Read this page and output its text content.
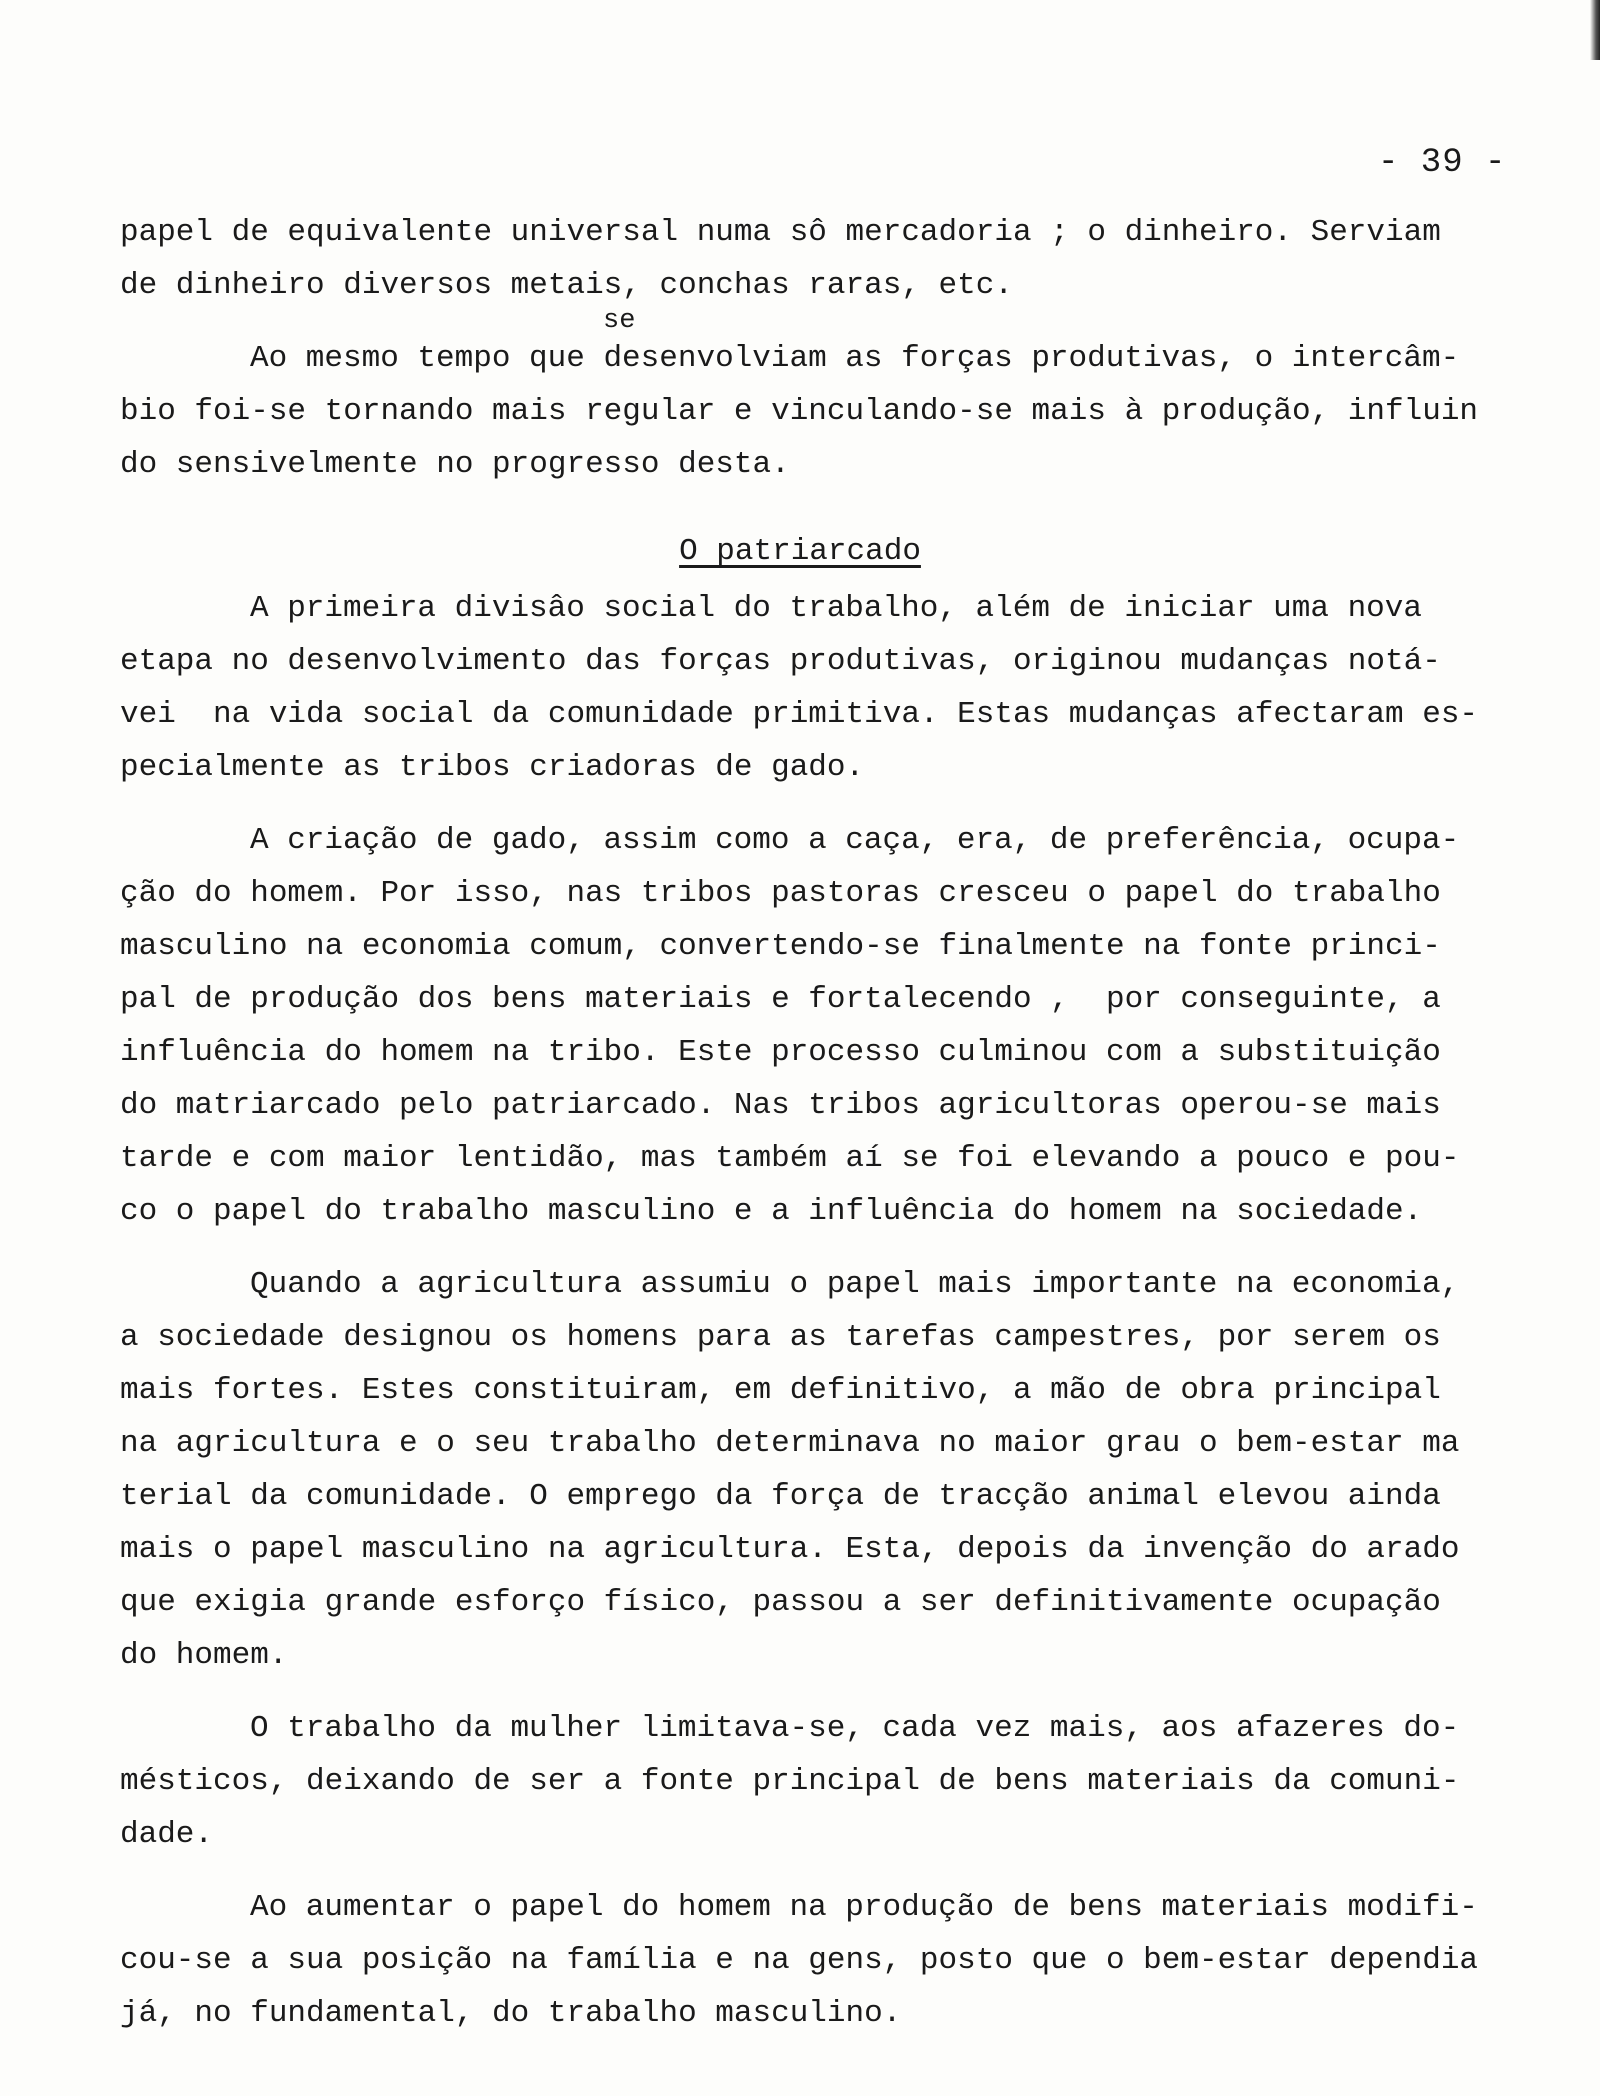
- 39 -
se
O patriarcado
papel de equivalente universal numa sô mercadoria ; o dinheiro. Serviam
de dinheiro diversos metais, conchas raras, etc.
Ao mesmo tempo que desenvolviam as forças produtivas, o intercâm-
bio foi-se tornando mais regular e vinculando-se mais à produção, influin
do sensivelmente no progresso desta.
A primeira divisâo social do trabalho, além de iniciar uma nova
etapa no desenvolvimento das forças produtivas, originou mudanças notá-
vei  na vida social da comunidade primitiva. Estas mudanças afectaram es-
pecialmente as tribos criadoras de gado.
A criação de gado, assim como a caça, era, de preferência, ocupa-
ção do homem. Por isso, nas tribos pastoras cresceu o papel do trabalho
masculino na economia comum, convertendo-se finalmente na fonte princi-
pal de produção dos bens materiais e fortalecendo ,  por conseguinte, a
influência do homem na tribo. Este processo culminou com a substituição
do matriarcado pelo patriarcado. Nas tribos agricultoras operou-se mais
tarde e com maior lentidão, mas também aí se foi elevando a pouco e pou-
co o papel do trabalho masculino e a influência do homem na sociedade.
Quando a agricultura assumiu o papel mais importante na economia,
a sociedade designou os homens para as tarefas campestres, por serem os
mais fortes. Estes constituiram, em definitivo, a mão de obra principal
na agricultura e o seu trabalho determinava no maior grau o bem-estar ma
terial da comunidade. O emprego da força de tracção animal elevou ainda
mais o papel masculino na agricultura. Esta, depois da invenção do arado
que exigia grande esforço físico, passou a ser definitivamente ocupação
do homem.
O trabalho da mulher limitava-se, cada vez mais, aos afazeres do-
mésticos, deixando de ser a fonte principal de bens materiais da comuni-
dade.
Ao aumentar o papel do homem na produção de bens materiais modifi-
cou-se a sua posição na família e na gens, posto que o bem-estar dependia
já, no fundamental, do trabalho masculino.
